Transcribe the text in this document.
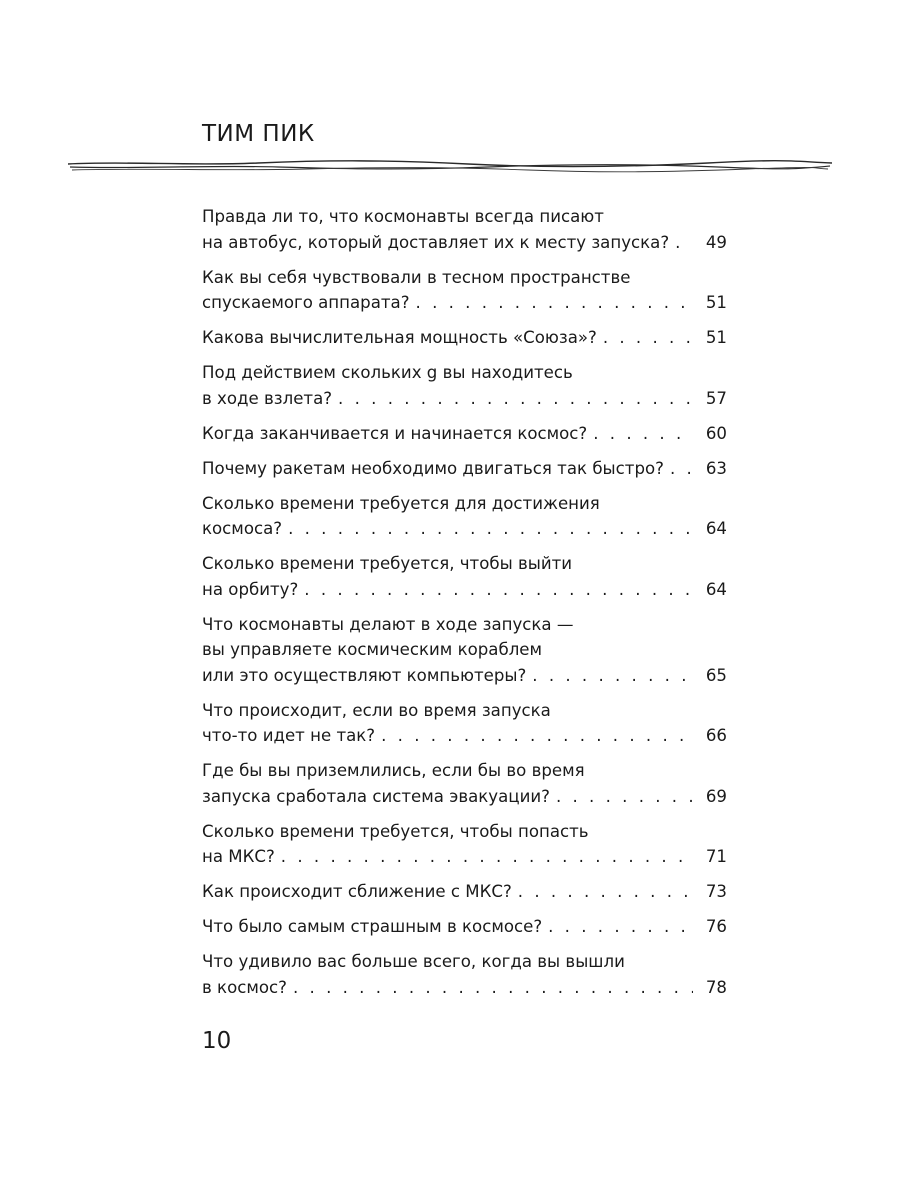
ТИМ ПИК
Правда ли то, что космонавты всегда писают
на автобус, который доставляет их к месту запуска? . . . 49
Как вы себя чувствовали в тесном пространстве
спускаемого аппарата? . . .	51
Какова вычислительная мощность «Союза»? . . .	51
Под действием скольких g вы находитесь
в ходе взлета? . . .	57
Когда заканчивается и начинается космос? . . .	60
Почему ракетам необходимо двигаться так быстро? . . .	63
Сколько времени требуется для достижения
космоса? . . .	64
Сколько времени требуется, чтобы выйти
на орбиту? . . .	64
Что космонавты делают в ходе запуска —
вы управляете космическим кораблем
или это осуществляют компьютеры? . . .	65
Что происходит, если во время запуска
что-то идет не так? . . .	66
Где бы вы приземлились, если бы во время
запуска сработала система эвакуации? . . .	69
Сколько времени требуется, чтобы попасть
на МКС? . . .	71
Как происходит сближение с МКС? . . .	73
Что было самым страшным в космосе? . . .	76
Что удивило вас больше всего, когда вы вышли
в космос? . . .	78
10
